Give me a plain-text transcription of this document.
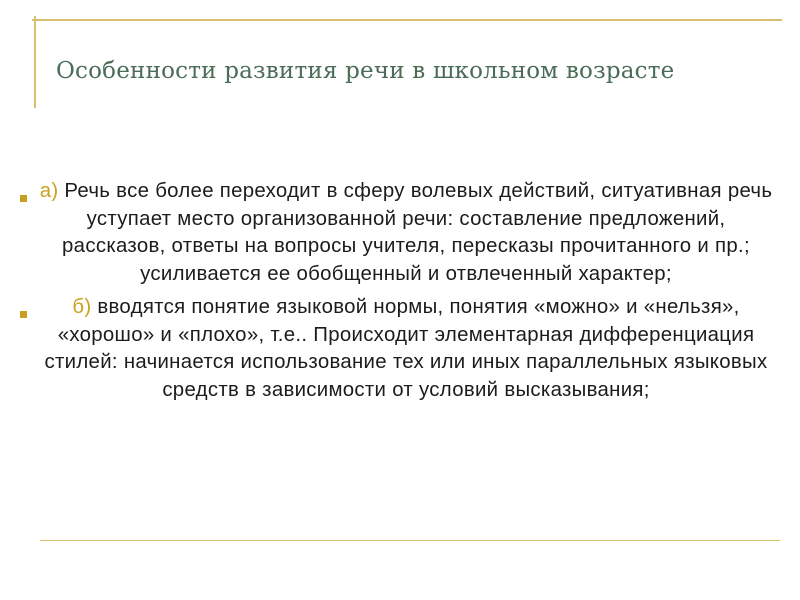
Особенности развития речи в школьном возрасте
а) Речь все более переходит в сферу волевых действий, ситуативная речь уступает место организованной речи: составление предложений, рассказов, ответы на вопросы учителя, пересказы прочитанного и пр.; усиливается ее обобщенный и отвлеченный характер;
б) вводятся понятие языковой нормы, понятия «можно» и «нельзя», «хорошо» и «плохо», т.е.. Происходит элементарная дифференциация стилей: начинается использование тех или иных параллельных языковых средств в зависимости от условий высказывания;
